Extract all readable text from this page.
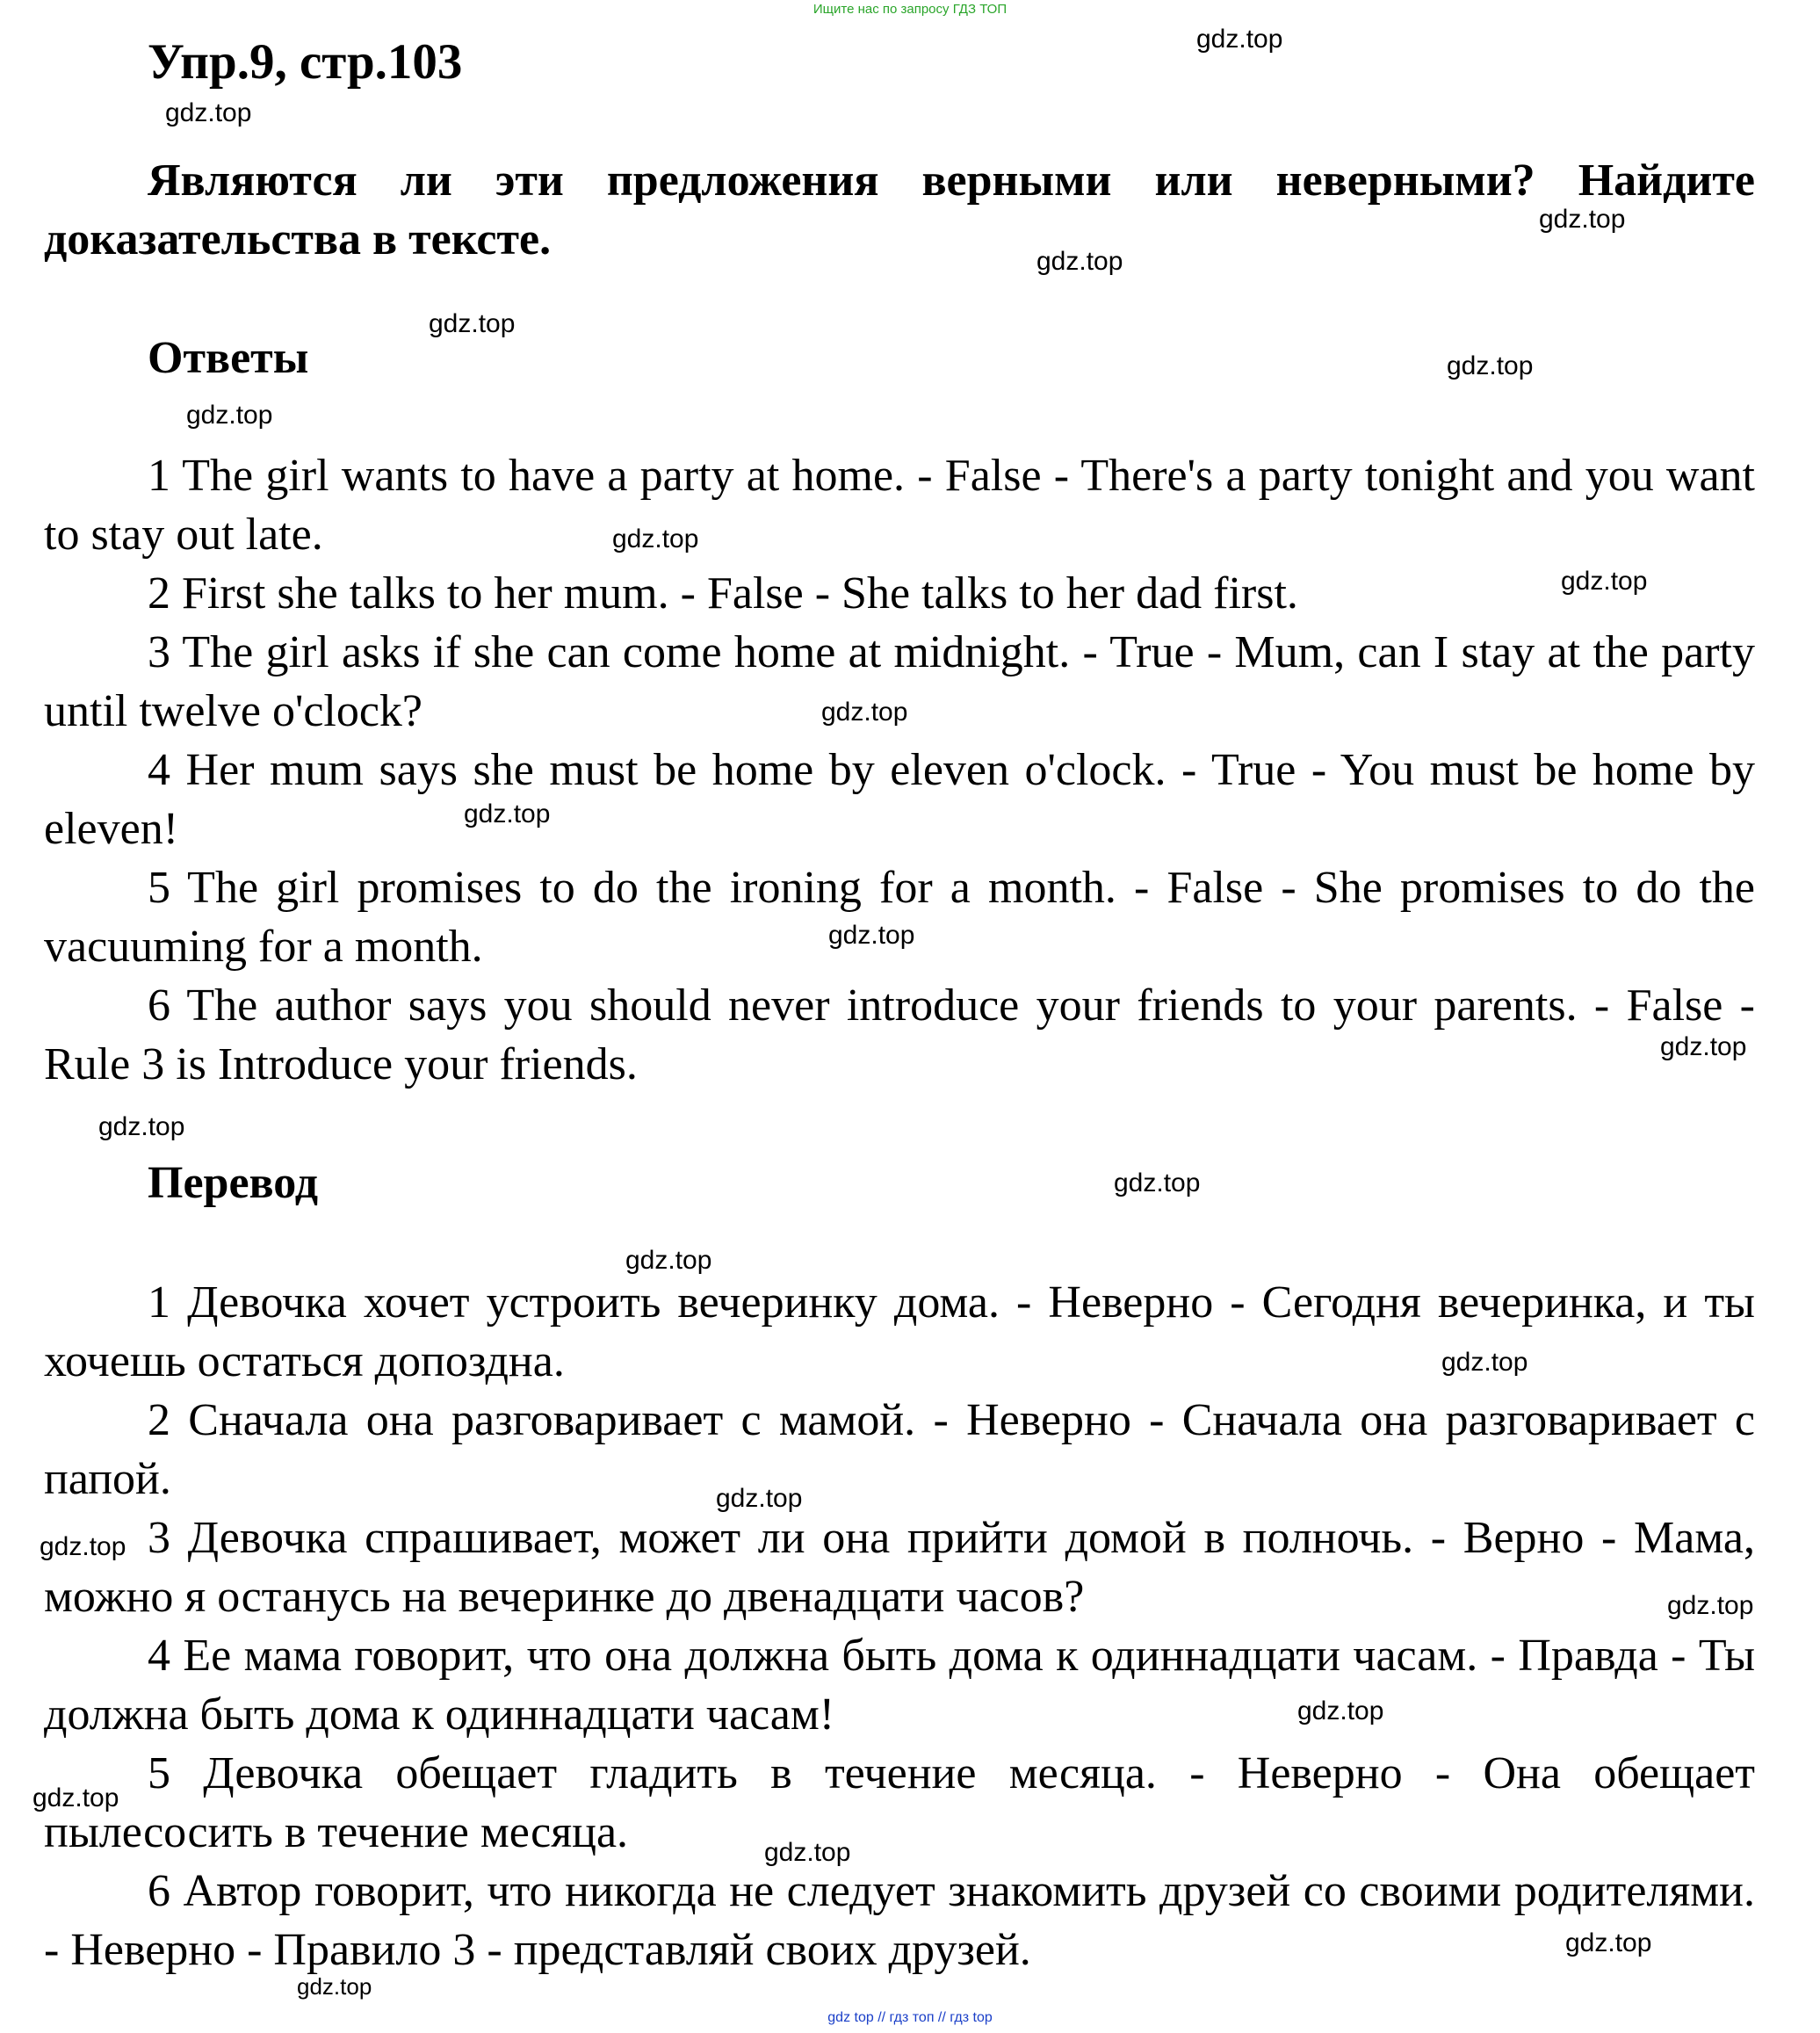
Ищите нас по запросу ГДЗ ТОП
Упр.9, стр.103

Являются ли эти предложения верными или неверными? Найдите доказательства в тексте.

Ответы

1 The girl wants to have a party at home. - False - There's a party tonight and you want to stay out late.

2 First she talks to her mum. - False - She talks to her dad first.

3 The girl asks if she can come home at midnight. - True - Mum, can I stay at the party until twelve o'clock?

4 Her mum says she must be home by eleven o'clock. - True - You must be home by eleven!

5 The girl promises to do the ironing for a month. - False - She promises to do the vacuuming for a month.

6 The author says you should never introduce your friends to your parents. - False - Rule 3 is Introduce your friends.

Перевод

1 Девочка хочет устроить вечеринку дома. - Неверно - Сегодня вечеринка, и ты хочешь остаться допоздна.

2 Сначала она разговаривает с мамой. - Неверно - Сначала она разговаривает с папой.

3 Девочка спрашивает, может ли она прийти домой в полночь. - Верно - Мама, можно я останусь на вечеринке до двенадцати часов?

4 Ее мама говорит, что она должна быть дома к одиннадцати часам. - Правда - Ты должна быть дома к одиннадцати часам!

5 Девочка обещает гладить в течение месяца. - Неверно - Она обещает пылесосить в течение месяца.

6 Автор говорит, что никогда не следует знакомить друзей со своими родителями. - Неверно - Правило 3 - представляй своих друзей.

gdz.top
gdz.top
gdz.top
gdz.top
gdz.top
gdz.top
gdz.top
gdz.top
gdz.top
gdz.top
gdz.top
gdz.top
gdz.top
gdz.top
gdz.top
gdz.top
gdz.top
gdz.top
gdz.top
gdz.top
gdz.top
gdz.top
gdz.top
gdz.top
gdz.top
gdz top // гдз топ // гдз top
